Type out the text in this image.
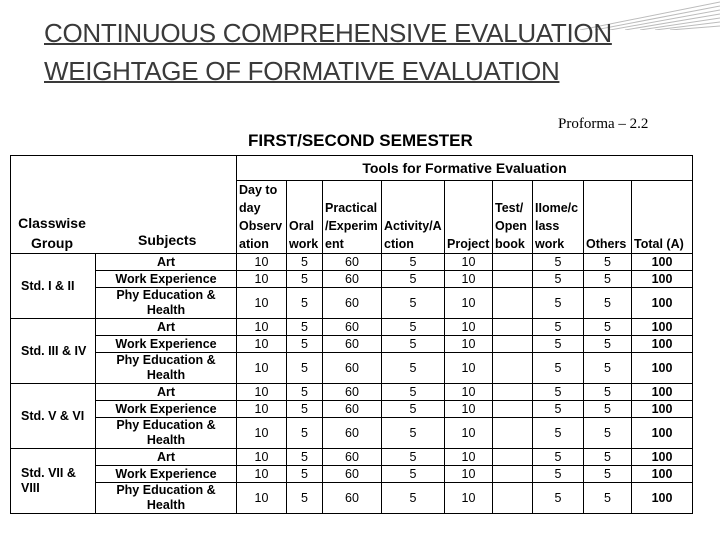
CONTINUOUS COMPREHENSIVE EVALUATION
WEIGHTAGE OF FORMATIVE EVALUATION
Proforma – 2.2
FIRST/SECOND SEMESTER
		Tools for Formative Evaluation								
		Day to day Observ ation	Oral work	Practical /Experim ent	Activity/A ction	Project	Test/ Open book	IIome/c lass work	Others	Total (A)
Std. I & II	Art	10	5	60	5	10		5	5	100
	Work Experience	10	5	60	5	10		5	5	100
	Phy Education & Health	10	5	60	5	10		5	5	100
Std. III & IV	Art	10	5	60	5	10		5	5	100
	Work Experience	10	5	60	5	10		5	5	100
	Phy Education & Health	10	5	60	5	10		5	5	100
Std. V & VI	Art	10	5	60	5	10		5	5	100
	Work Experience	10	5	60	5	10		5	5	100
	Phy Education & Health	10	5	60	5	10		5	5	100
Std. VII & VIII	Art	10	5	60	5	10		5	5	100
	Work Experience	10	5	60	5	10		5	5	100
	Phy Education & Health	10	5	60	5	10		5	5	100
Classwise Group	Subjects
